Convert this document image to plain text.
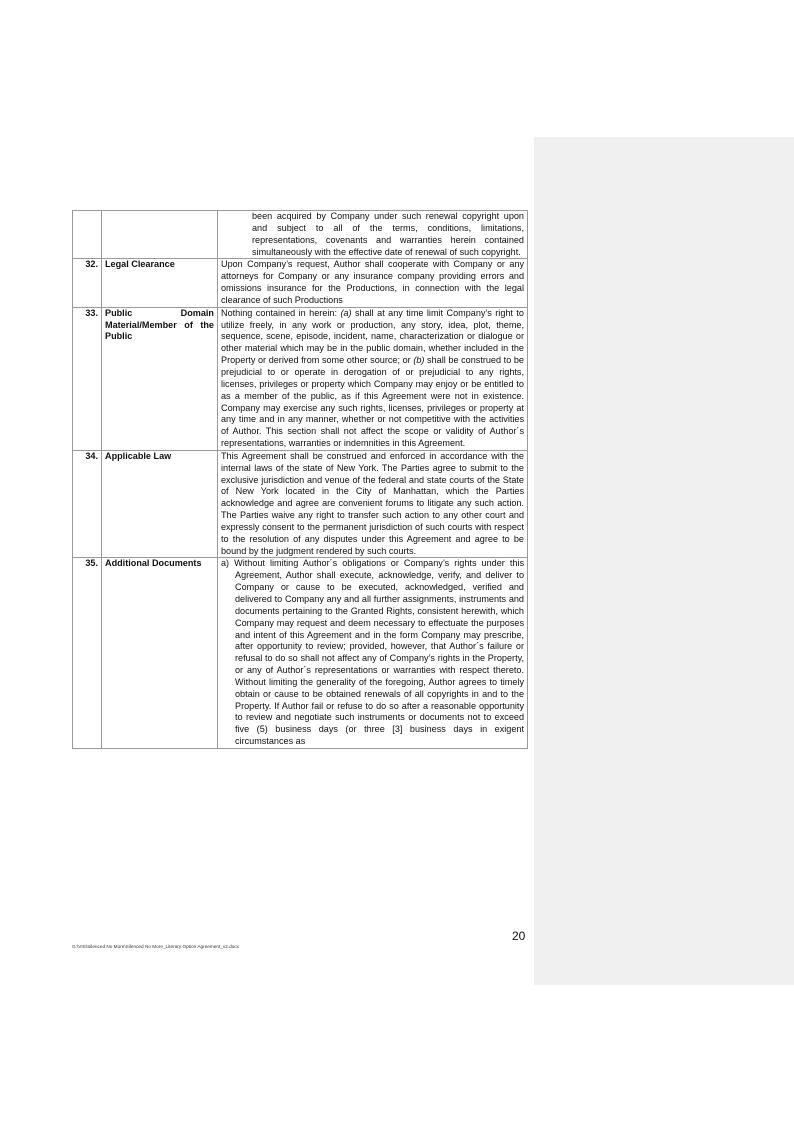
		been acquired by Company under such renewal copyright upon and subject to all of the terms, conditions, limitations, representations, covenants and warranties herein contained simultaneously with the effective date of renewal of such copyright.

32.	Legal Clearance	Upon Company’s request, Author shall cooperate with Company or any attorneys for Company or any insurance company providing errors and omissions insurance for the Productions, in connection with the legal clearance of such Productions
33.	Public Domain Material/Member of the Public	Nothing contained in herein: (a) shall at any time limit Company’s right to utilize freely, in any work or production, any story, idea, plot, theme, sequence, scene, episode, incident, name, characterization or dialogue or other material which may be in the public domain, whether included in the Property or derived from some other source; or (b) shall be construed to be prejudicial to or operate in derogation of or prejudicial to any rights, licenses, privileges or property which Company may enjoy or be entitled to as a member of the public, as if this Agreement were not in existence. Company may exercise any such rights, licenses, privileges or property at any time and in any manner, whether or not competitive with the activities of Author. This section shall not affect the scope or validity of Author´s representations, warranties or indemnities in this Agreement.
34.	Applicable Law	This Agreement shall be construed and enforced in accordance with the internal laws of the state of New York. The Parties agree to submit to the exclusive jurisdiction and venue of the federal and state courts of the State of New York located in the City of Manhattan, which the Parties acknowledge and agree are convenient forums to litigate any such action. The Parties waive any right to transfer such action to any other court and expressly consent to the permanent jurisdiction of such courts with respect to the resolution of any disputes under this Agreement and agree to be bound by the judgment rendered by such courts.
35.	Additional Documents	a) Without limiting Author´s obligations or Company’s rights under this Agreement, Author shall execute, acknowledge, verify, and deliver to Company or cause to be executed, acknowledged, verified and delivered to Company any and all further assignments, instruments and documents pertaining to the Granted Rights, consistent herewith, which Company may request and deem necessary to effectuate the purposes and intent of this Agreement and in the form Company may prescribe, after opportunity to review; provided, however, that Author´s failure or refusal to do so shall not affect any of Company’s rights in the Property, or any of Author´s representations or warranties with respect thereto. Without limiting the generality of the foregoing, Author agrees to timely obtain or cause to be obtained renewals of all copyrights in and to the Property. If Author fail or refuse to do so after a reasonable opportunity to review and negotiate such instruments or documents not to exceed five (5) business days (or three [3] business days in exigent circumstances as

20
G:\VIS\Silenced No More\Silenced No More_Literary Option Agreement_v2.docx
